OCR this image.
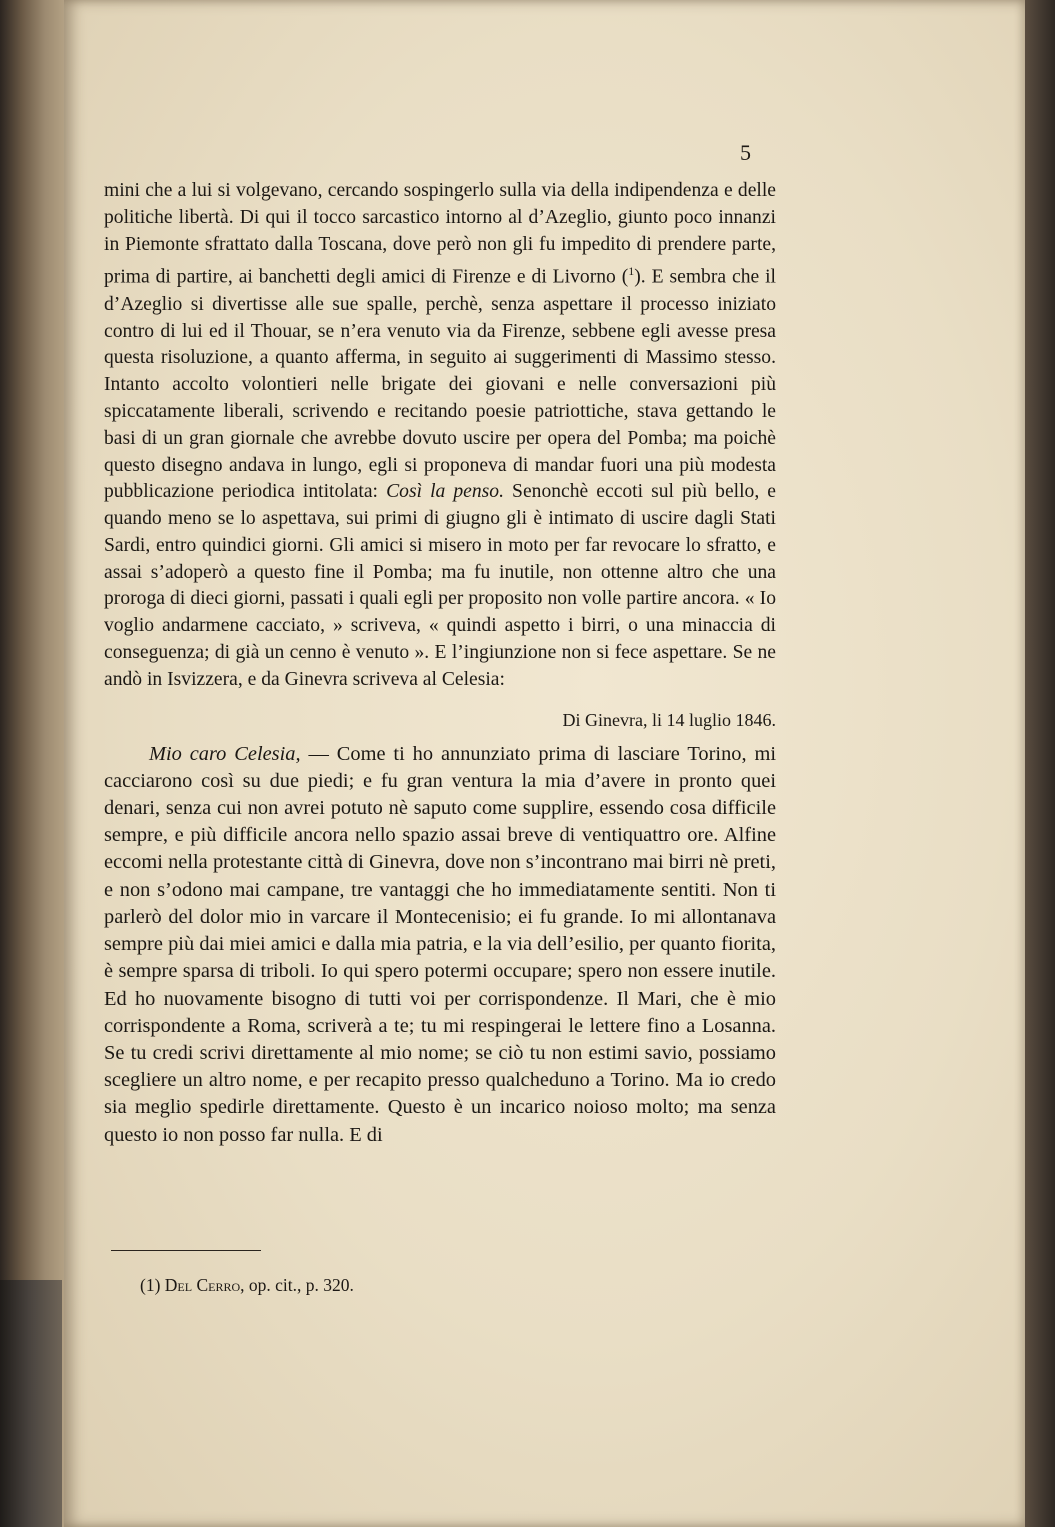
5

mini che a lui si volgevano, cercando sospingerlo sulla via della indipendenza e delle politiche libertà. Di qui il tocco sarcastico intorno al d’Azeglio, giunto poco innanzi in Piemonte sfrattato dalla Toscana, dove però non gli fu impedito di prendere parte, prima di partire, ai banchetti degli amici di Firenze e di Livorno ($^1$). E sembra che il d’Azeglio si divertisse alle sue spalle, perchè, senza aspettare il processo iniziato contro di lui ed il Thouar, se n’era venuto via da Firenze, sebbene egli avesse presa questa risoluzione, a quanto afferma, in seguito ai suggerimenti di Massimo stesso. Intanto accolto volontieri nelle brigate dei giovani e nelle conversazioni più spiccatamente liberali, scrivendo e recitando poesie patriottiche, stava gettando le basi di un gran giornale che avrebbe dovuto uscire per opera del Pomba; ma poichè questo disegno andava in lungo, egli si proponeva di mandar fuori una più modesta pubblicazione periodica intitolata: Così la penso. Senonchè eccoti sul più bello, e quando meno se lo aspettava, sui primi di giugno gli è intimato di uscire dagli Stati Sardi, entro quindici giorni. Gli amici si misero in moto per far revocare lo sfratto, e assai s’adoperò a questo fine il Pomba; ma fu inutile, non ottenne altro che una proroga di dieci giorni, passati i quali egli per proposito non volle partire ancora. « Io voglio andarmene cacciato, » scriveva, « quindi aspetto i birri, o una minaccia di conseguenza; di già un cenno è venuto ». E l’ingiunzione non si fece aspettare. Se ne andò in Isvizzera, e da Ginevra scriveva al Celesia:

Di Ginevra, li 14 luglio 1846.

Mio caro Celesia, — Come ti ho annunziato prima di lasciare Torino, mi cacciarono così su due piedi; e fu gran ventura la mia d’avere in pronto quei denari, senza cui non avrei potuto nè saputo come supplire, essendo cosa difficile sempre, e più difficile ancora nello spazio assai breve di ventiquattro ore. Alfine eccomi nella protestante città di Ginevra, dove non s’incontrano mai birri nè preti, e non s’odono mai campane, tre vantaggi che ho immediatamente sentiti. Non ti parlerò del dolor mio in varcare il Montecenisio; ei fu grande. Io mi allontanava sempre più dai miei amici e dalla mia patria, e la via dell’esilio, per quanto fiorita, è sempre sparsa di triboli. Io qui spero potermi occupare; spero non essere inutile. Ed ho nuovamente bisogno di tutti voi per corrispondenze. Il Mari, che è mio corrispondente a Roma, scriverà a te; tu mi respingerai le lettere fino a Losanna. Se tu credi scrivi direttamente al mio nome; se ciò tu non estimi savio, possiamo scegliere un altro nome, e per recapito presso qualcheduno a Torino. Ma io credo sia meglio spedirle direttamente. Questo è un incarico noioso molto; ma senza questo io non posso far nulla. E di

(1) Del Cerro, op. cit., p. 320.
